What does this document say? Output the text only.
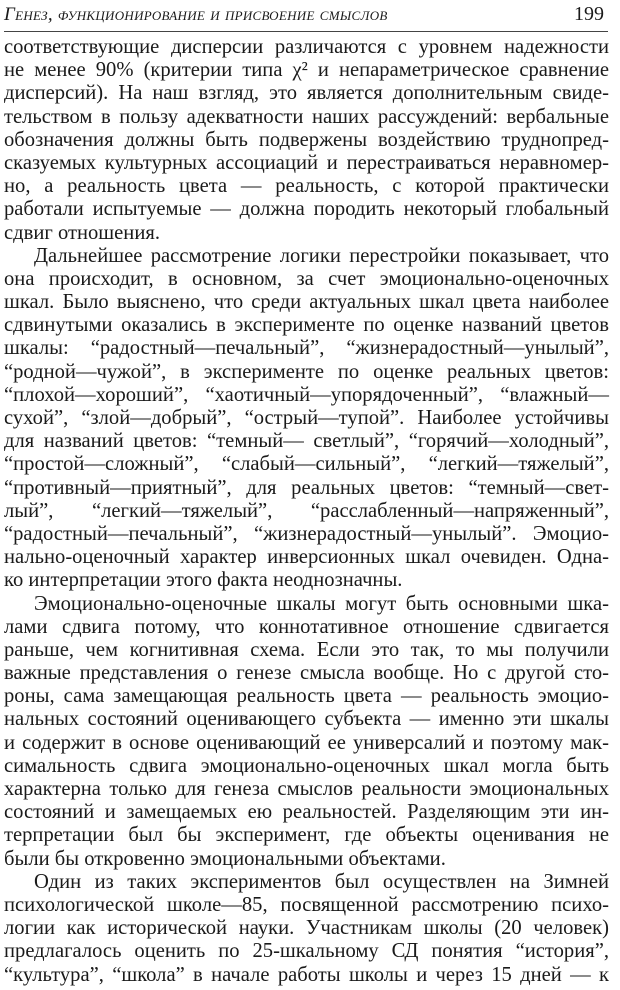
Генез, функционирование и присвоение смыслов	199
соответствующие дисперсии различаются с уровнем надежности
не менее 90% (критерии типа χ² и непараметрическое сравнение
дисперсий). На наш взгляд, это является дополнительным свиде-
тельством в пользу адекватности наших рассуждений: вербальные
обозначения должны быть подвержены воздействию труднопред-
сказуемых культурных ассоциаций и перестраиваться неравномер-
но, а реальность цвета — реальность, с которой практически
работали испытуемые — должна породить некоторый глобальный
сдвиг отношения.
Дальнейшее рассмотрение логики перестройки показывает, что
она происходит, в основном, за счет эмоционально-оценочных
шкал. Было выяснено, что среди актуальных шкал цвета наиболее
сдвинутыми оказались в эксперименте по оценке названий цветов
шкалы: “радостный—печальный”, “жизнерадостный—унылый”,
“родной—чужой”, в эксперименте по оценке реальных цветов:
“плохой—хороший”, “хаотичный—упорядоченный”, “влажный—
сухой”, “злой—добрый”, “острый—тупой”. Наиболее устойчивы
для названий цветов: “темный— светлый”, “горячий—холодный”,
“простой—сложный”, “слабый—сильный”, “легкий—тяжелый”,
“противный—приятный”, для реальных цветов: “темный—свет-
лый”, “легкий—тяжелый”, “расслабленный—напряженный”,
“радостный—печальный”, “жизнерадостный—унылый”. Эмоцио-
нально-оценочный характер инверсионных шкал очевиден. Одна-
ко интерпретации этого факта неоднозначны.
Эмоционально-оценочные шкалы могут быть основными шка-
лами сдвига потому, что коннотативное отношение сдвигается
раньше, чем когнитивная схема. Если это так, то мы получили
важные представления о генезе смысла вообще. Но с другой сто-
роны, сама замещающая реальность цвета — реальность эмоцио-
нальных состояний оценивающего субъекта — именно эти шкалы
и содержит в основе оценивающий ее универсалий и поэтому мак-
симальность сдвига эмоционально-оценочных шкал могла быть
характерна только для генеза смыслов реальности эмоциональных
состояний и замещаемых ею реальностей. Разделяющим эти ин-
терпретации был бы эксперимент, где объекты оценивания не
были бы откровенно эмоциональными объектами.
Один из таких экспериментов был осуществлен на Зимней
психологической школе—85, посвященной рассмотрению психо-
логии как исторической науки. Участникам школы (20 человек)
предлагалось оценить по 25-шкальному СД понятия “история”,
“культура”, “школа” в начале работы школы и через 15 дней — к
